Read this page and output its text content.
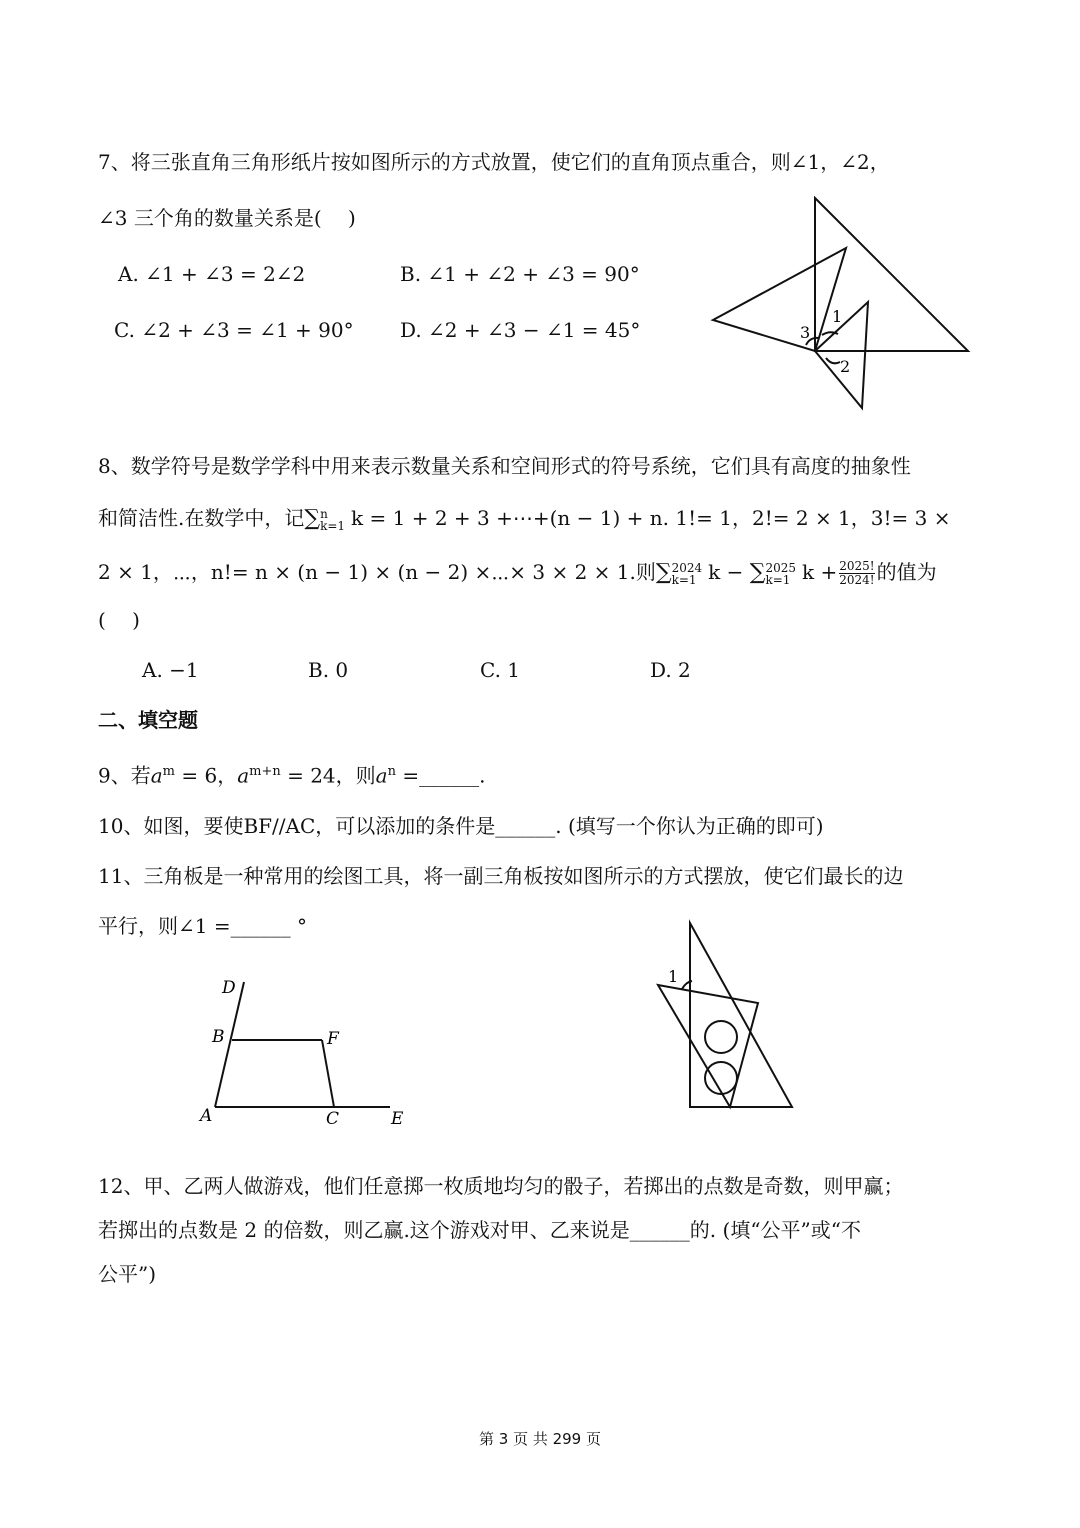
7、将三张直角三角形纸片按如图所示的方式放置，使它们的直角顶点重合，则∠1，∠2，
∠3 三个角的数量关系是(　 )
A. ∠1 + ∠3 = 2∠2	B. ∠1 + ∠2 + ∠3 = 90°
C. ∠2 + ∠3 = ∠1 + 90° D. ∠2 + ∠3 − ∠1 = 45°	3
1
2
8、数学符号是数学学科中用来表示数量关系和空间形式的符号系统，它们具有高度的抽象性
和简洁性.在数学中，记∑ n
k=1 k = 1 + 2 + 3 +⋯+(n − 1) + n. 1!= 1，2!= 2 × 1，3!= 3 ×
2 × 1，⋯，n!= n × (n − 1) × (n − 2) ×⋯× 3 × 2 × 1.则∑ 2024
k=1 k − ∑ 2025
k=1 $k + \frac{2025!}{2024!}$ 的值为
(　 )
A. −1	B. 0	C. 1	D. 2
二、填空题
9、若$a^m = 6$，$a^{m+n} = 24$，则$a^n$ =______.
10、如图，要使BF//AC，可以添加的条件是______. (填写一个你认为正确的即可)
11、三角板是一种常用的绘图工具，将一副三角板按如图所示的方式摆放，使它们最长的边
平行，则∠1 =______ °
D
B	F
A	C	E
1
12、甲、乙两人做游戏，他们任意掷一枚质地均匀的骰子，若掷出的点数是奇数，则甲赢；
若掷出的点数是 2 的倍数，则乙赢.这个游戏对甲、乙来说是______的. (填“公平”或“不
公平”)
第 3 页 共 299 页
